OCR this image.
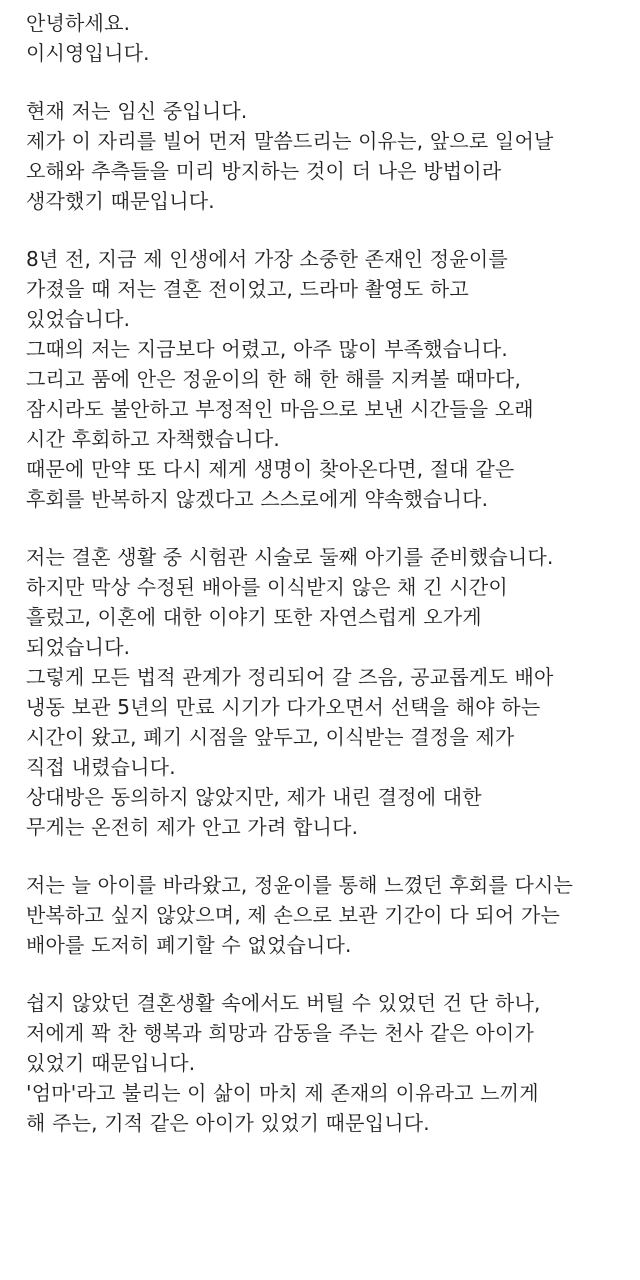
안녕하세요.
이시영입니다.
현재 저는 임신 중입니다.
제가 이 자리를 빌어 먼저 말씀드리는 이유는, 앞으로 일어날
오해와 추측들을 미리 방지하는 것이 더 나은 방법이라
생각했기 때문입니다.
8년 전, 지금 제 인생에서 가장 소중한 존재인 정윤이를
가졌을 때 저는 결혼 전이었고, 드라마 촬영도 하고
있었습니다.
그때의 저는 지금보다 어렸고, 아주 많이 부족했습니다.
그리고 품에 안은 정윤이의 한 해 한 해를 지켜볼 때마다,
잠시라도 불안하고 부정적인 마음으로 보낸 시간들을 오래
시간 후회하고 자책했습니다.
때문에 만약 또 다시 제게 생명이 찾아온다면, 절대 같은
후회를 반복하지 않겠다고 스스로에게 약속했습니다.
저는 결혼 생활 중 시험관 시술로 둘째 아기를 준비했습니다.
하지만 막상 수정된 배아를 이식받지 않은 채 긴 시간이
흘렀고, 이혼에 대한 이야기 또한 자연스럽게 오가게
되었습니다.
그렇게 모든 법적 관계가 정리되어 갈 즈음, 공교롭게도 배아
냉동 보관 5년의 만료 시기가 다가오면서 선택을 해야 하는
시간이 왔고, 폐기 시점을 앞두고, 이식받는 결정을 제가
직접 내렸습니다.
상대방은 동의하지 않았지만, 제가 내린 결정에 대한
무게는 온전히 제가 안고 가려 합니다.
저는 늘 아이를 바라왔고, 정윤이를 통해 느꼈던 후회를 다시는
반복하고 싶지 않았으며, 제 손으로 보관 기간이 다 되어 가는
배아를 도저히 폐기할 수 없었습니다.
쉽지 않았던 결혼생활 속에서도 버틸 수 있었던 건 단 하나,
저에게 꽉 찬 행복과 희망과 감동을 주는 천사 같은 아이가
있었기 때문입니다.
'엄마'라고 불리는 이 삶이 마치 제 존재의 이유라고 느끼게
해 주는, 기적 같은 아이가 있었기 때문입니다.
